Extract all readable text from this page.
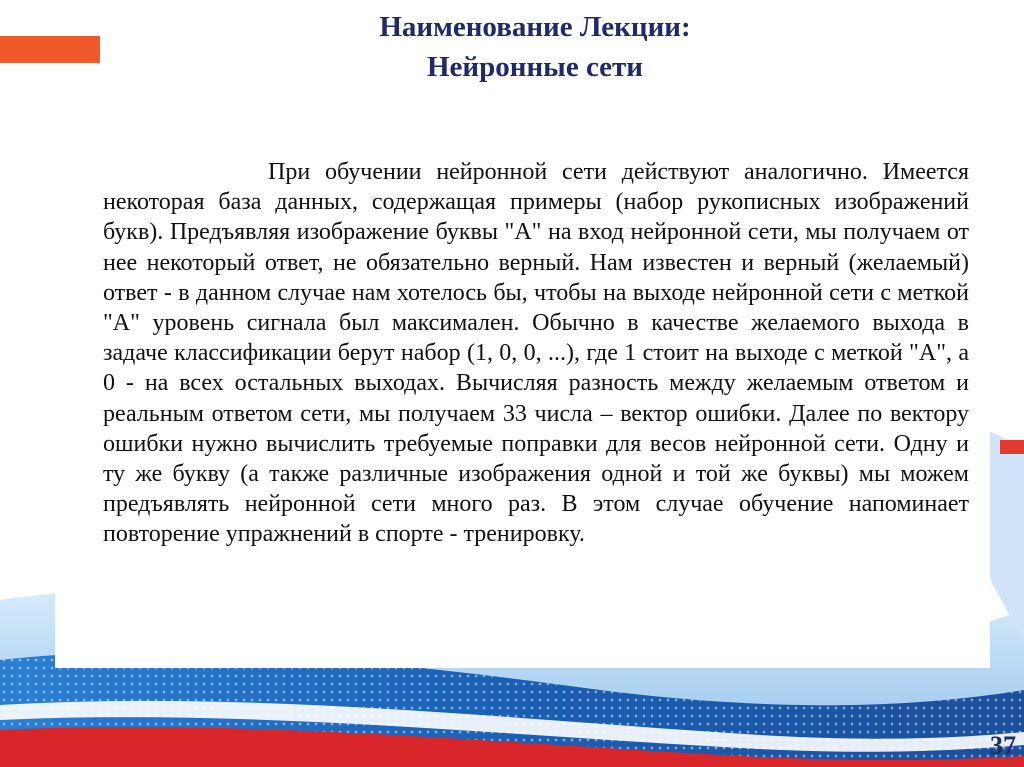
Наименование Лекции:
Нейронные сети

При обучении нейронной сети действуют аналогично. Имеется некоторая база данных, содержащая примеры (набор рукописных изображений букв). Предъявляя изображение буквы "А" на вход нейронной сети, мы получаем от нее некоторый ответ, не обязательно верный. Нам известен и верный (желаемый) ответ - в данном случае нам хотелось бы, чтобы на выходе нейронной сети с меткой "А" уровень сигнала был максимален. Обычно в качестве желаемого выхода в задаче классификации берут набор (1, 0, 0, ...), где 1 стоит на выходе с меткой "А", а 0 - на всех остальных выходах. Вычисляя разность между желаемым ответом и реальным ответом сети, мы получаем 33 числа – вектор ошибки. Далее по вектору ошибки нужно вычислить требуемые поправки для весов нейронной сети. Одну и ту же букву (а также различные изображения одной и той же буквы) мы можем предъявлять нейронной сети много раз. В этом случае обучение напоминает повторение упражнений в спорте - тренировку.

37
